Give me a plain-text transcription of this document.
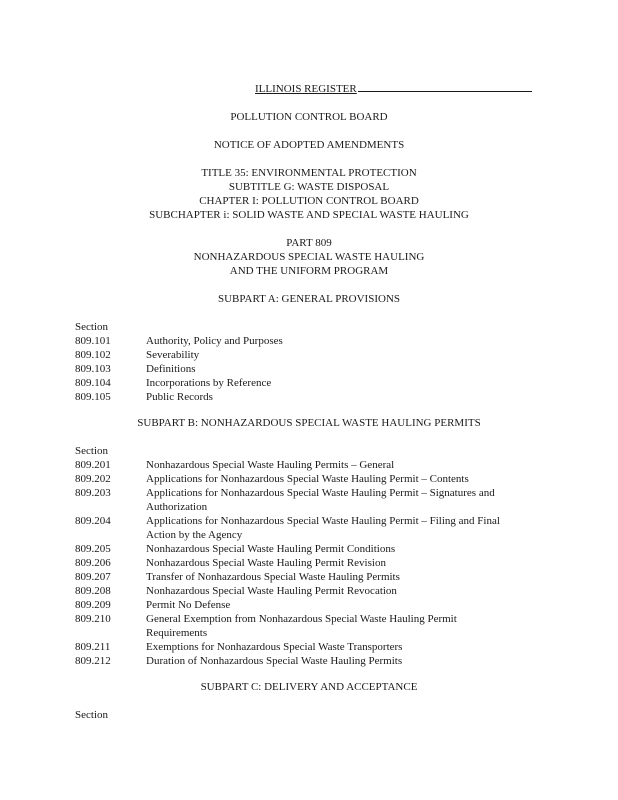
ILLINOIS REGISTER
POLLUTION CONTROL BOARD
NOTICE OF ADOPTED AMENDMENTS
TITLE 35: ENVIRONMENTAL PROTECTION
SUBTITLE G: WASTE DISPOSAL
CHAPTER I: POLLUTION CONTROL BOARD
SUBCHAPTER i: SOLID WASTE AND SPECIAL WASTE HAULING
PART 809
NONHAZARDOUS SPECIAL WASTE HAULING
AND THE UNIFORM PROGRAM
SUBPART A: GENERAL PROVISIONS
Section
809.101	Authority, Policy and Purposes
809.102	Severability
809.103	Definitions
809.104	Incorporations by Reference
809.105	Public Records
SUBPART B: NONHAZARDOUS SPECIAL WASTE HAULING PERMITS
Section
809.201	Nonhazardous Special Waste Hauling Permits – General
809.202	Applications for Nonhazardous Special Waste Hauling Permit – Contents
809.203	Applications for Nonhazardous Special Waste Hauling Permit – Signatures and
Authorization
809.204	Applications for Nonhazardous Special Waste Hauling Permit – Filing and Final
Action by the Agency
809.205	Nonhazardous Special Waste Hauling Permit Conditions
809.206	Nonhazardous Special Waste Hauling Permit Revision
809.207	Transfer of Nonhazardous Special Waste Hauling Permits
809.208	Nonhazardous Special Waste Hauling Permit Revocation
809.209	Permit No Defense
809.210	General Exemption from Nonhazardous Special Waste Hauling Permit
Requirements
809.211	Exemptions for Nonhazardous Special Waste Transporters
809.212	Duration of Nonhazardous Special Waste Hauling Permits
SUBPART C: DELIVERY AND ACCEPTANCE
Section
